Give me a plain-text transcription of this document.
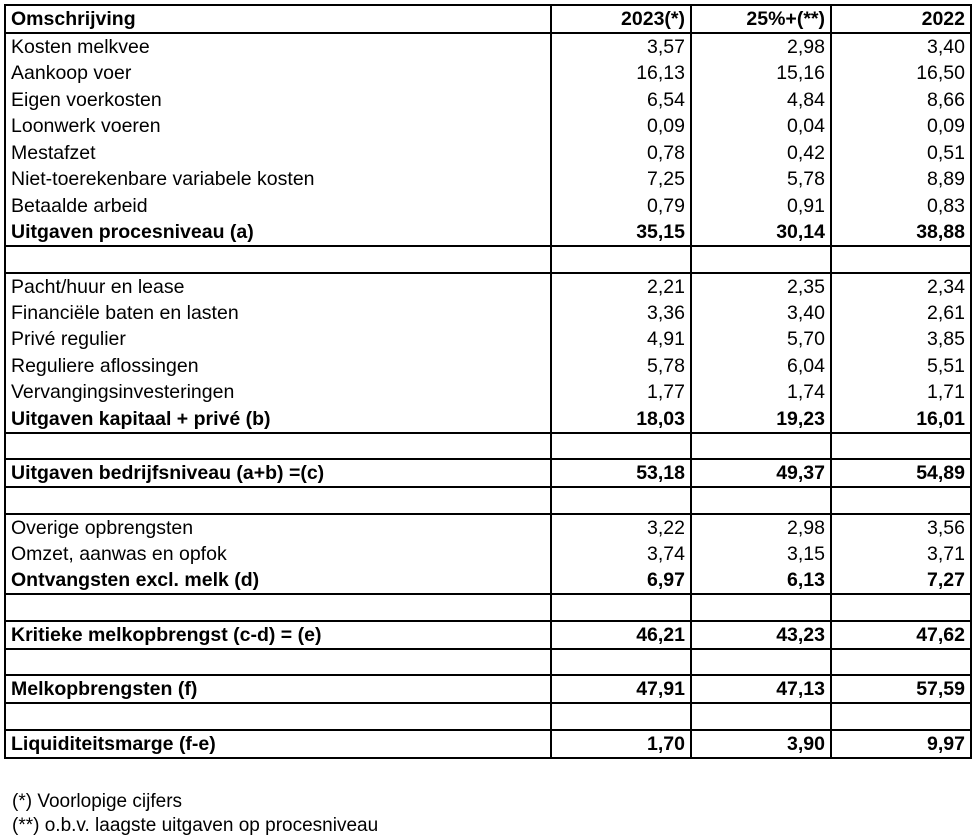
Omschrijving	2023(*)	25%+(**)	2022
Kosten melkvee	3,57	2,98	3,40
Aankoop voer	16,13	15,16	16,50
Eigen voerkosten	6,54	4,84	8,66
Loonwerk voeren	0,09	0,04	0,09
Mestafzet	0,78	0,42	0,51
Niet-toerekenbare variabele kosten	7,25	5,78	8,89
Betaalde arbeid	0,79	0,91	0,83
Uitgaven procesniveau (a)	35,15	30,14	38,88

Pacht/huur en lease	2,21	2,35	2,34
Financiële baten en lasten	3,36	3,40	2,61
Privé regulier	4,91	5,70	3,85
Reguliere aflossingen	5,78	6,04	5,51
Vervangingsinvesteringen	1,77	1,74	1,71
Uitgaven kapitaal + privé (b)	18,03	19,23	16,01

Uitgaven bedrijfsniveau (a+b) =(c)	53,18	49,37	54,89

Overige opbrengsten	3,22	2,98	3,56
Omzet, aanwas en opfok	3,74	3,15	3,71
Ontvangsten excl. melk (d)	6,97	6,13	7,27

Kritieke melkopbrengst (c-d) = (e)	46,21	43,23	47,62

Melkopbrengsten (f)	47,91	47,13	57,59

Liquiditeitsmarge (f-e)	1,70	3,90	9,97
(*) Voorlopige cijfers
(**) o.b.v. laagste uitgaven op procesniveau
